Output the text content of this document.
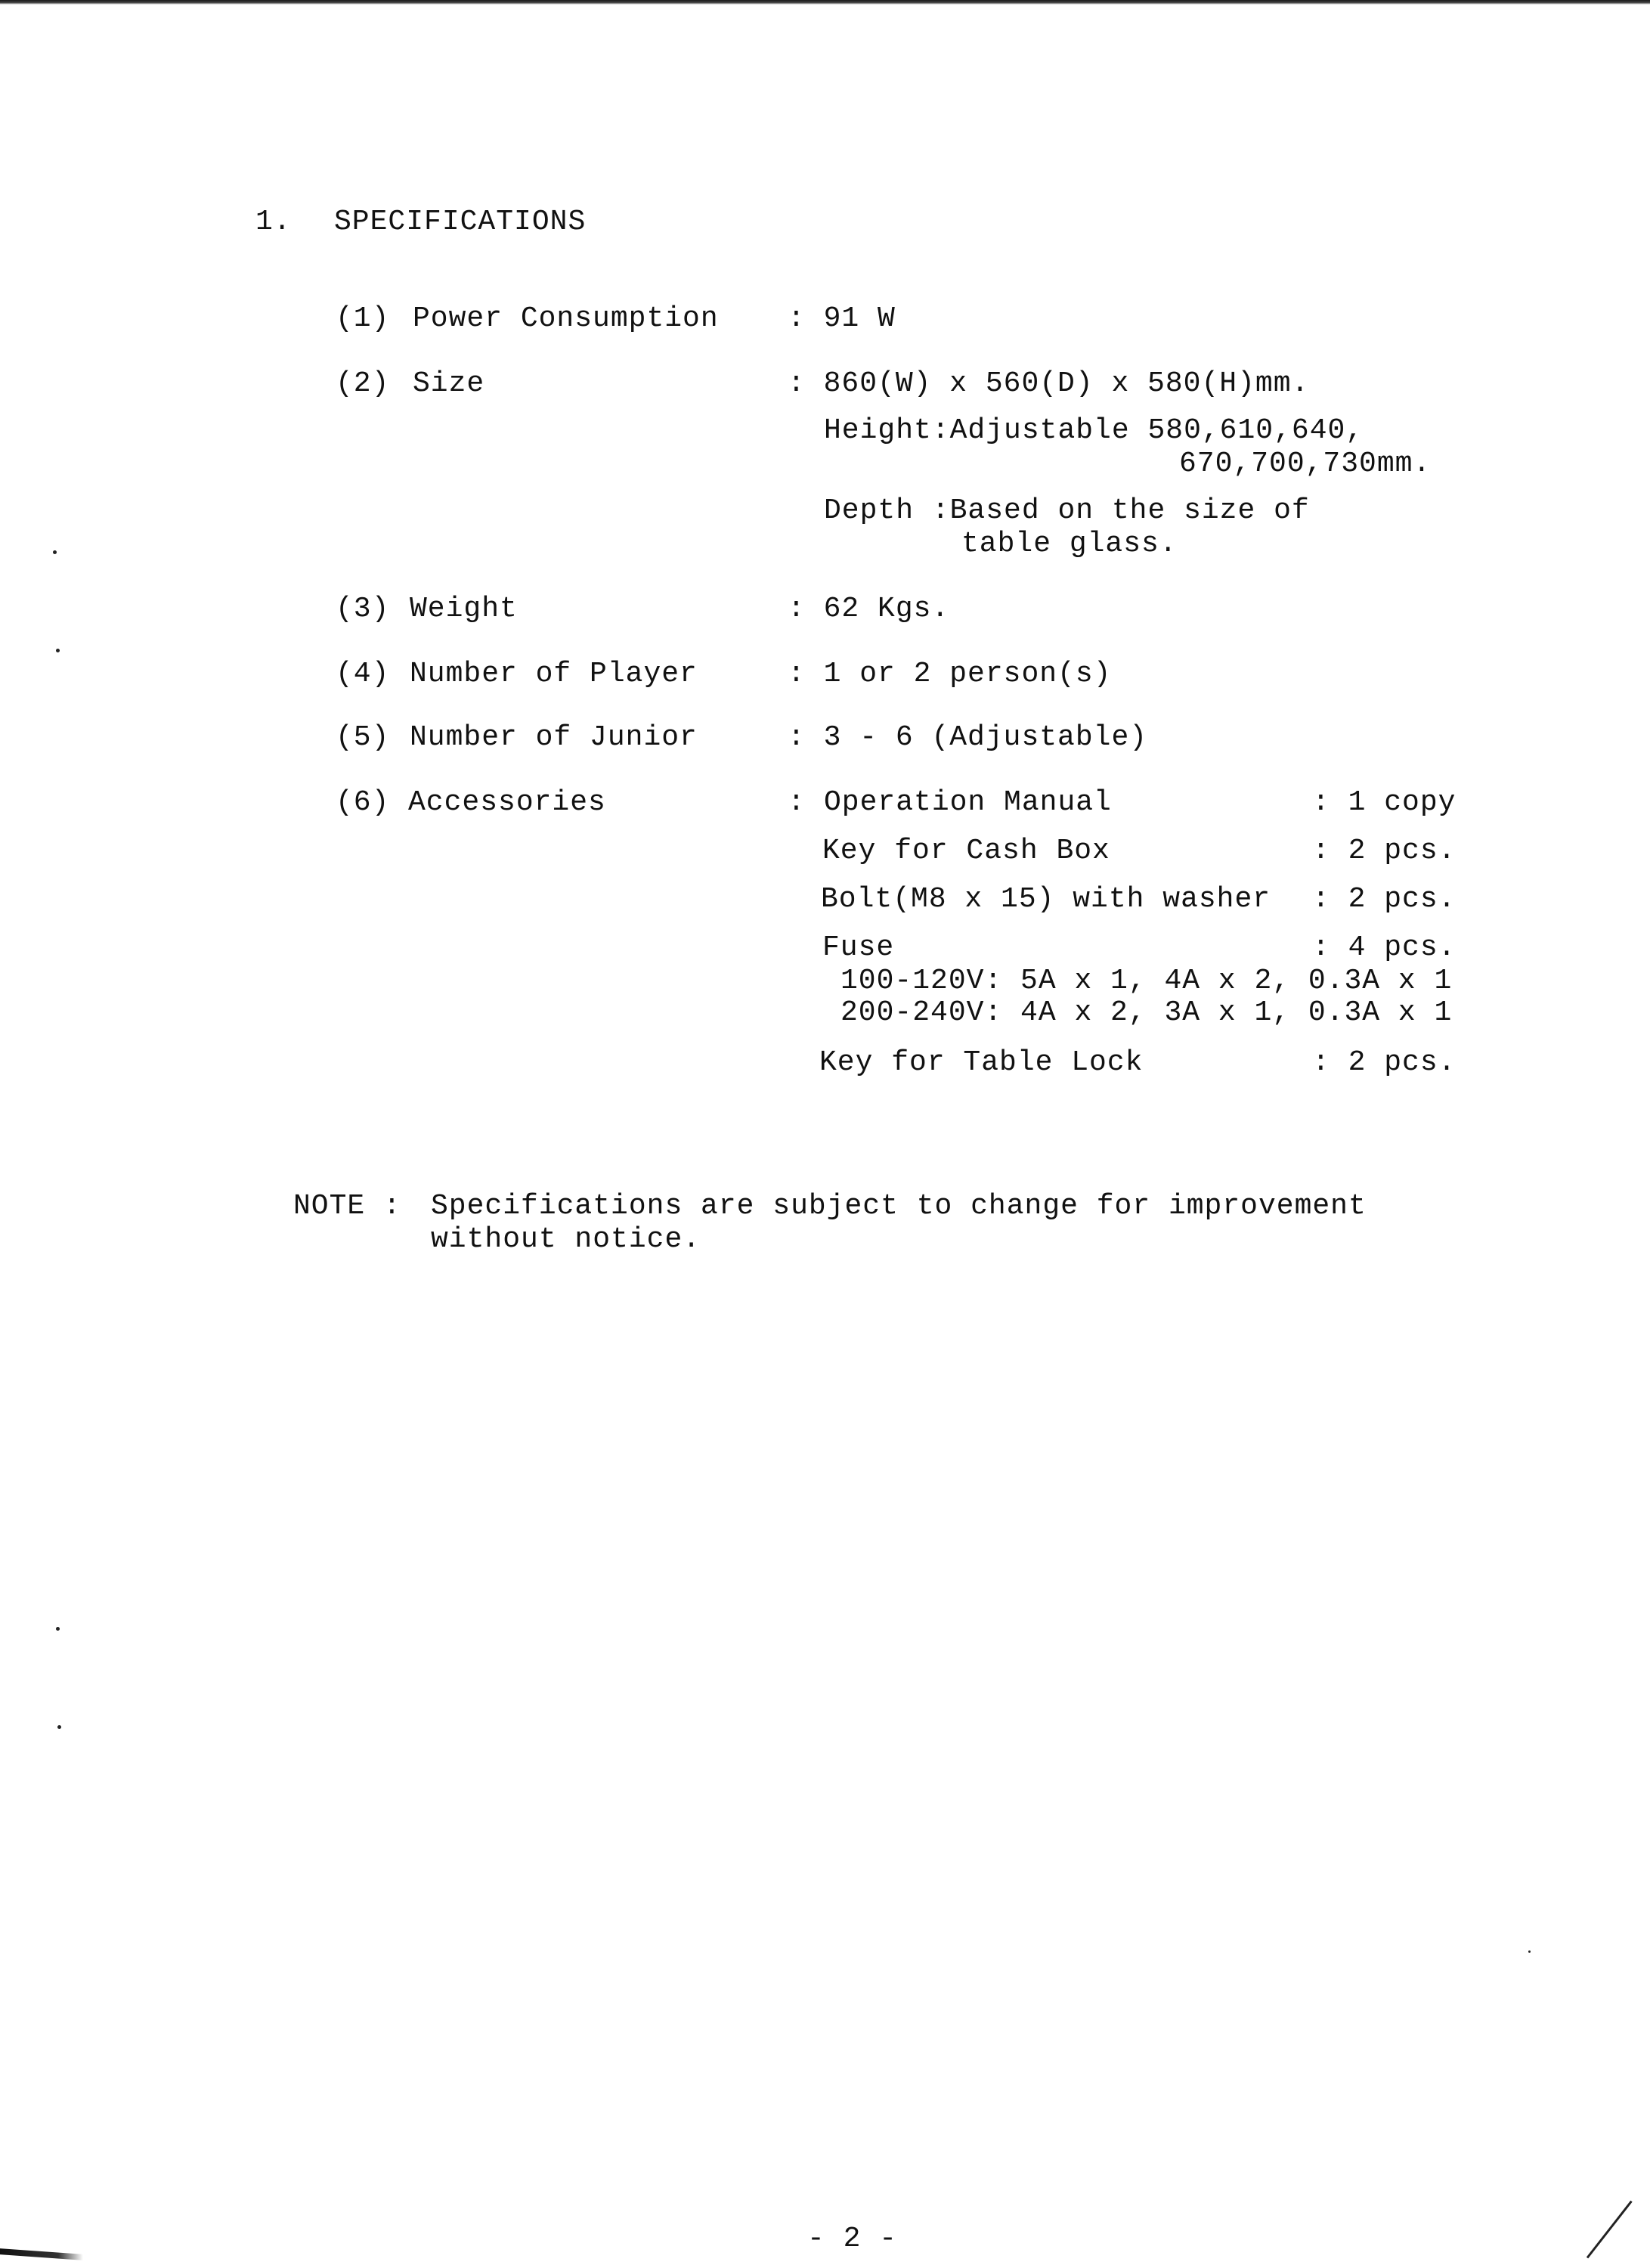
1. SPECIFICATIONS
(1) Power Consumption : 91 W
(2) Size	: 860(W) x 560(D) x 580(H)mm.
Height:Adjustable 580,610,640,
670,700,730mm.
Depth :Based on the size of
table glass.
(3) Weight	: 62 Kgs.
(4) Number of Player	: 1 or 2 person(s)
(5) Number of Junior	: 3 - 6 (Adjustable)
(6) Accessories	: Operation Manual	: 1 copy
Key for Cash Box	: 2 pcs.
Bolt(M8 x 15) with washer : 2 pcs.
Fuse	: 4 pcs.
100-120V: 5A x 1, 4A x 2, 0.3A x 1
200-240V: 4A x 2, 3A x 1, 0.3A x 1
Key for Table Lock	: 2 pcs.
NOTE : Specifications are subject to change for improvement
without notice.
- 2 -
